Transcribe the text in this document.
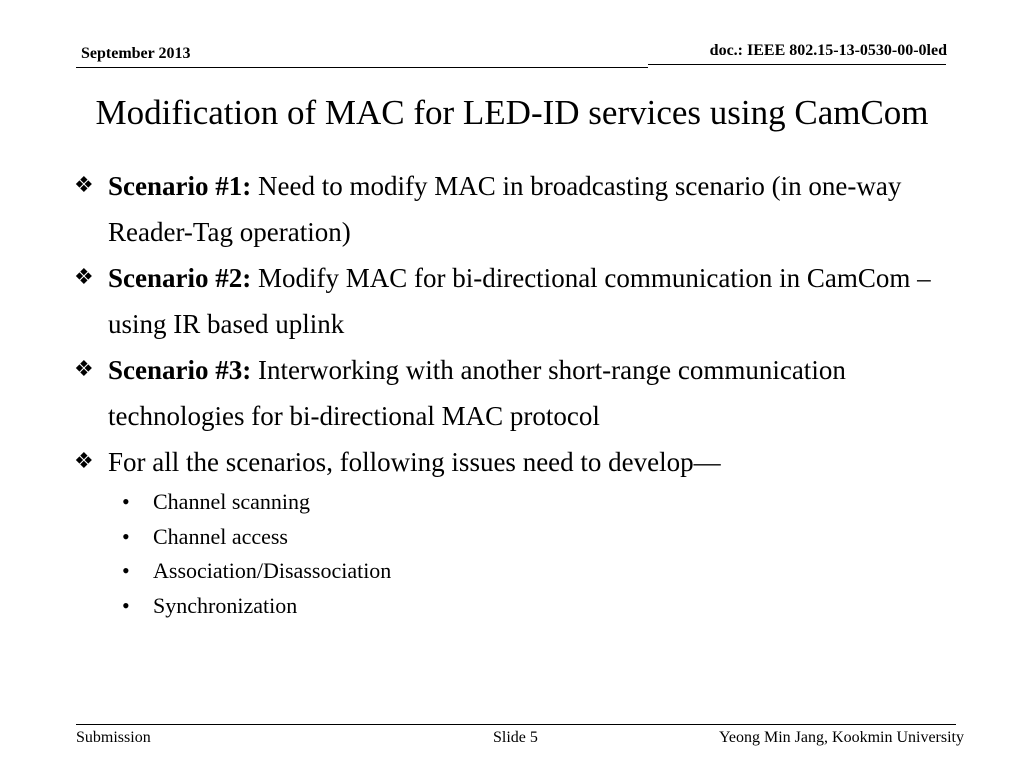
September 2013	doc.: IEEE 802.15-13-0530-00-0led
Modification of MAC for LED-ID services using CamCom
❖ Scenario #1: Need to modify MAC in broadcasting scenario (in one-way Reader-Tag operation)
❖ Scenario #2: Modify MAC for bi-directional communication in CamCom –using IR based uplink
❖ Scenario #3: Interworking with another short-range communication technologies for bi-directional MAC protocol
❖ For all the scenarios, following issues need to develop—
• Channel scanning
• Channel access
• Association/Disassociation
• Synchronization
Submission	Slide 5	Yeong Min Jang, Kookmin University
